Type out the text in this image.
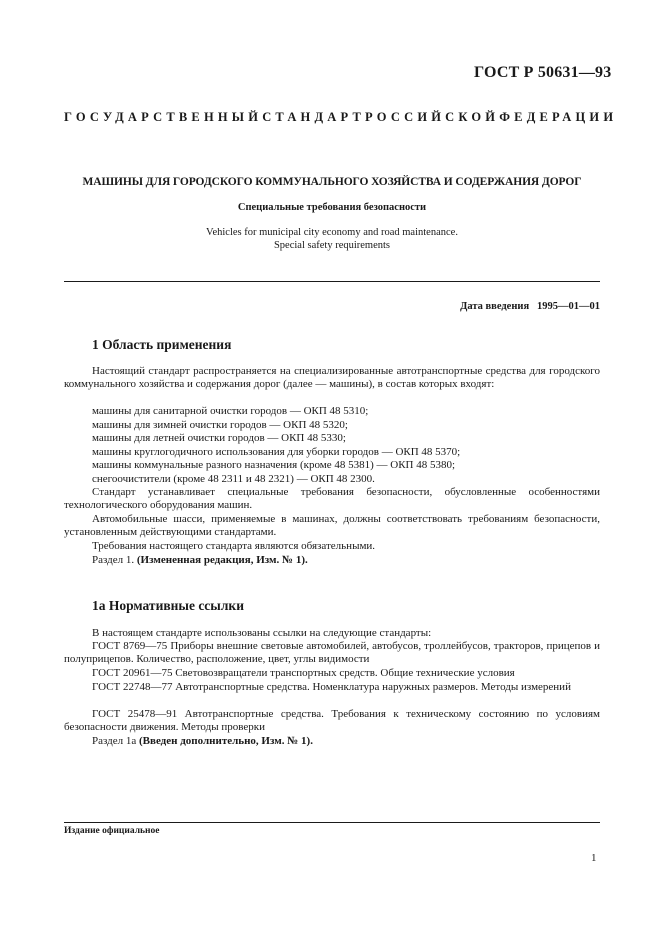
ГОСТ Р 50631—93
ГОСУДАРСТВЕННЫЙ СТАНДАРТ РОССИЙСКОЙ ФЕДЕРАЦИИ
МАШИНЫ ДЛЯ ГОРОДСКОГО КОММУНАЛЬНОГО ХОЗЯЙСТВА И СОДЕРЖАНИЯ ДОРОГ
Специальные требования безопасности
Vehicles for municipal city economy and road maintenance.
Special safety requirements
Дата введения 1995—01—01
1 Область применения
Настоящий стандарт распространяется на специализированные автотранспортные средства для городского коммунального хозяйства и содержания дорог (далее — машины), в состав которых входят:
машины для санитарной очистки городов — ОКП 48 5310;
машины для зимней очистки городов — ОКП 48 5320;
машины для летней очистки городов — ОКП 48 5330;
машины круглогодичного использования для уборки городов — ОКП 48 5370;
машины коммунальные разного назначения (кроме 48 5381) — ОКП 48 5380;
снегоочистители (кроме 48 2311 и 48 2321) — ОКП 48 2300.
Стандарт устанавливает специальные требования безопасности, обусловленные особенностями технологического оборудования машин.
Автомобильные шасси, применяемые в машинах, должны соответствовать требованиям безопасности, установленным действующими стандартами.
Требования настоящего стандарта являются обязательными.
Раздел 1. (Измененная редакция, Изм. № 1).
1а Нормативные ссылки
В настоящем стандарте использованы ссылки на следующие стандарты:
ГОСТ 8769—75 Приборы внешние световые автомобилей, автобусов, троллейбусов, тракторов, прицепов и полуприцепов. Количество, расположение, цвет, углы видимости
ГОСТ 20961—75 Световозвращатели транспортных средств. Общие технические условия
ГОСТ 22748—77 Автотранспортные средства. Номенклатура наружных размеров. Методы измерений
ГОСТ 25478—91 Автотранспортные средства. Требования к техническому состоянию по условиям безопасности движения. Методы проверки
Раздел 1а (Введен дополнительно, Изм. № 1).
Издание официальное
1
